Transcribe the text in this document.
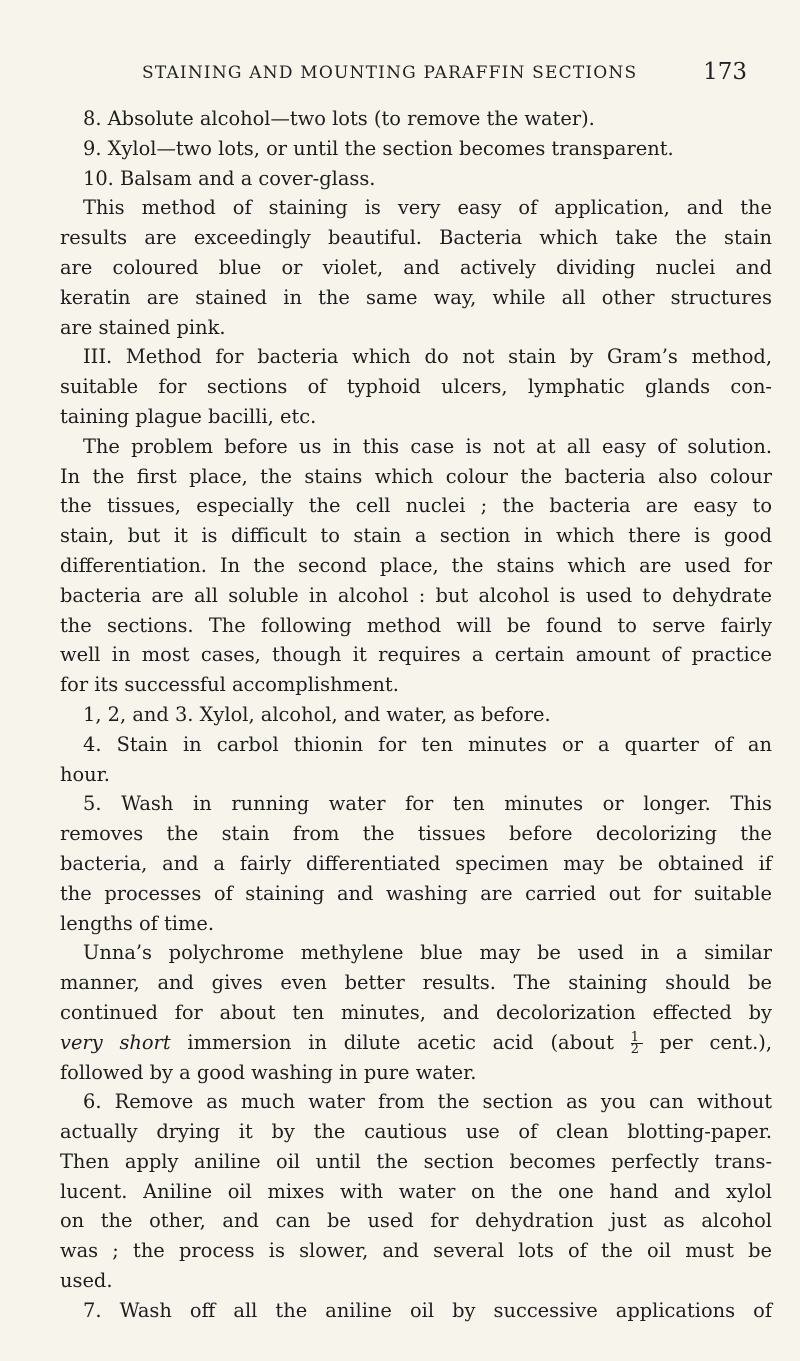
STAINING AND MOUNTING PARAFFIN SECTIONS	173
8. Absolute alcohol—two lots (to remove the water).
9. Xylol—two lots, or until the section becomes transparent.
10. Balsam and a cover-glass.
This method of staining is very easy of application, and the
results are exceedingly beautiful. Bacteria which take the stain
are coloured blue or violet, and actively dividing nuclei and
keratin are stained in the same way, while all other structures
are stained pink.
III. Method for bacteria which do not stain by Gram’s method,
suitable for sections of typhoid ulcers, lymphatic glands con-
taining plague bacilli, etc.
The problem before us in this case is not at all easy of solution.
In the first place, the stains which colour the bacteria also colour
the tissues, especially the cell nuclei ; the bacteria are easy to
stain, but it is difficult to stain a section in which there is good
differentiation. In the second place, the stains which are used for
bacteria are all soluble in alcohol : but alcohol is used to dehydrate
the sections. The following method will be found to serve fairly
well in most cases, though it requires a certain amount of practice
for its successful accomplishment.
1, 2, and 3. Xylol, alcohol, and water, as before.
4. Stain in carbol thionin for ten minutes or a quarter of an
hour.
5. Wash in running water for ten minutes or longer. This
removes the stain from the tissues before decolorizing the
bacteria, and a fairly differentiated specimen may be obtained if
the processes of staining and washing are carried out for suitable
lengths of time.
Unna’s polychrome methylene blue may be used in a similar
manner, and gives even better results. The staining should be
continued for about ten minutes, and decolorization effected by
very short immersion in dilute acetic acid (about $\frac{1}{2}$ per cent.),
followed by a good washing in pure water.
6. Remove as much water from the section as you can without
actually drying it by the cautious use of clean blotting-paper.
Then apply aniline oil until the section becomes perfectly trans-
lucent. Aniline oil mixes with water on the one hand and xylol
on the other, and can be used for dehydration just as alcohol
was ; the process is slower, and several lots of the oil must be
used.
7. Wash off all the aniline oil by successive applications of
